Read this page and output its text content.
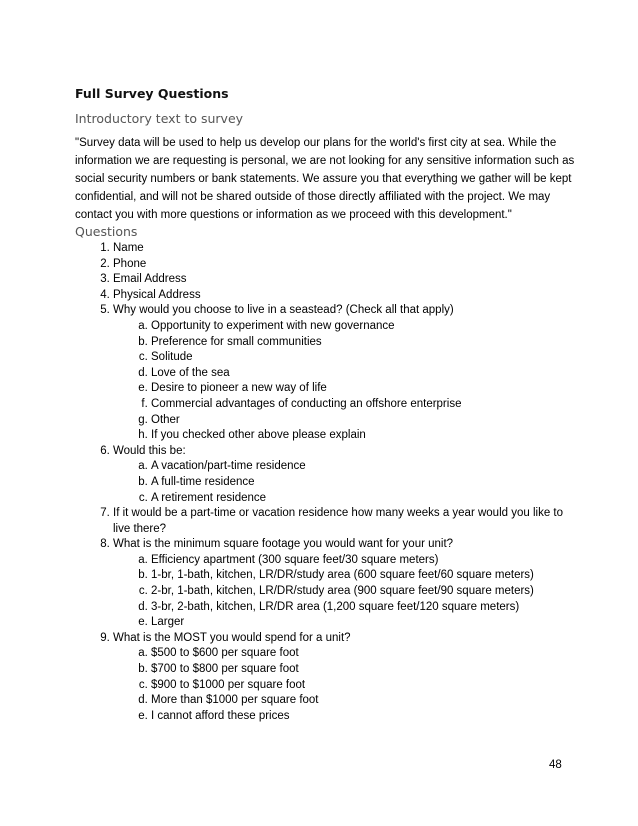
Full Survey Questions
Introductory text to survey

"Survey data will be used to help us develop our plans for the world's first city at sea. While the information we are requesting is personal, we are not looking for any sensitive information such as social security numbers or bank statements. We assure you that everything we gather will be kept confidential, and will not be shared outside of those directly affiliated with the project. We may contact you with more questions or information as we proceed with this development."

Questions
1. Name
2. Phone
3. Email Address
4. Physical Address
5. Why would you choose to live in a seastead? (Check all that apply)
a. Opportunity to experiment with new governance
b. Preference for small communities
c. Solitude
d. Love of the sea
e. Desire to pioneer a new way of life
f. Commercial advantages of conducting an offshore enterprise
g. Other
h. If you checked other above please explain
6. Would this be:
a. A vacation/part-time residence
b. A full-time residence
c. A retirement residence
7. If it would be a part-time or vacation residence how many weeks a year would you like to live there?
8. What is the minimum square footage you would want for your unit?
a. Efficiency apartment (300 square feet/30 square meters)
b. 1-br, 1-bath, kitchen, LR/DR/study area (600 square feet/60 square meters)
c. 2-br, 1-bath, kitchen, LR/DR/study area (900 square feet/90 square meters)
d. 3-br, 2-bath, kitchen, LR/DR area (1,200 square feet/120 square meters)
e. Larger
9. What is the MOST you would spend for a unit?
a. $500 to $600 per square foot
b. $700 to $800 per square foot
c. $900 to $1000 per square foot
d. More than $1000 per square foot
e. I cannot afford these prices
48
